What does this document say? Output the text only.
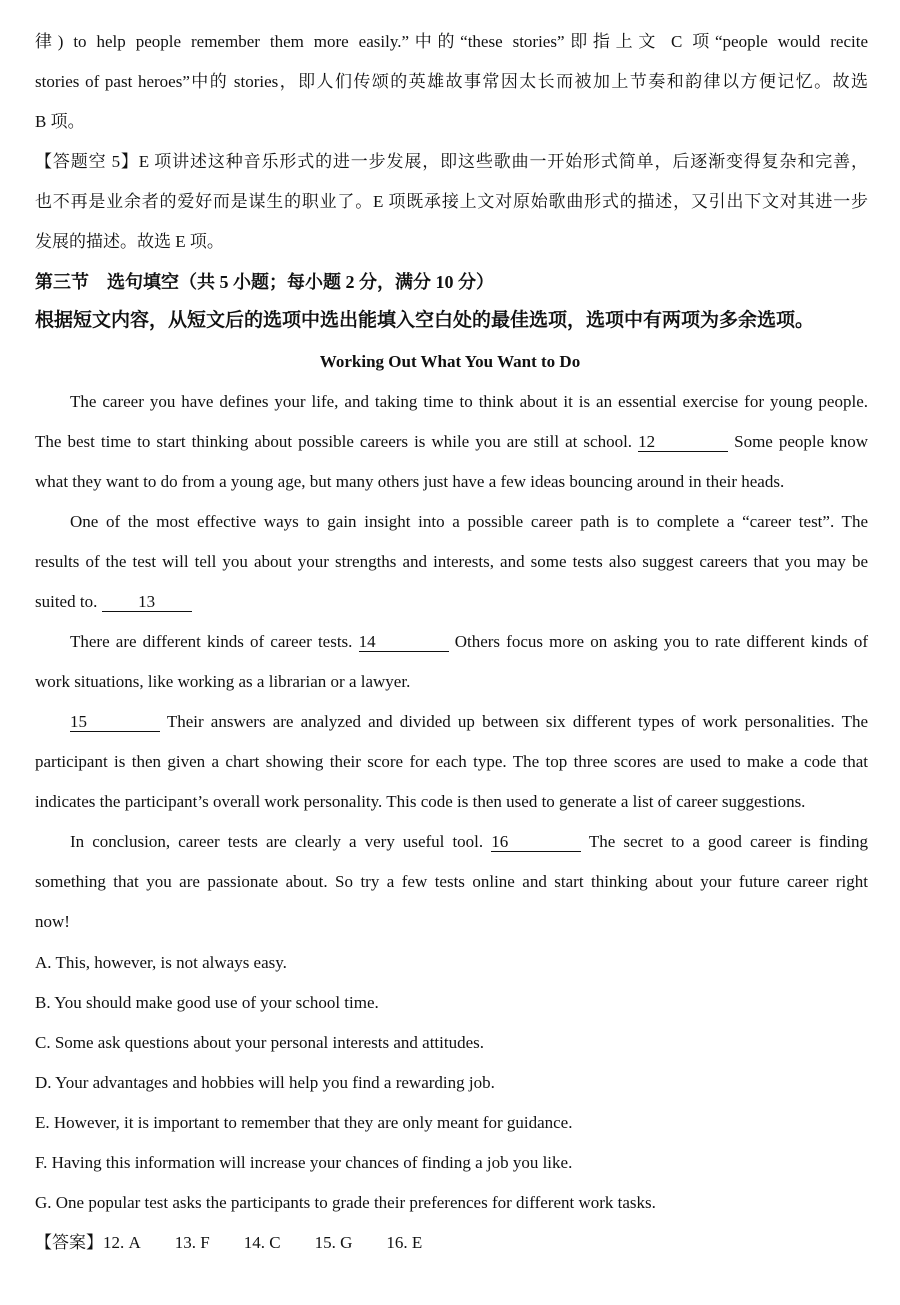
律) to help people remember them more easily.”中的“these stories”即指上文 C 项“people would recite
stories of past heroes”中的 stories，即人们传颂的英雄故事常因太长而被加上节奏和韵律以方便记忆。故选
B 项。
【答题空 5】E 项讲述这种音乐形式的进一步发展，即这些歌曲一开始形式简单，后逐渐变得复杂和完善，
也不再是业余者的爱好而是谋生的职业了。E 项既承接上文对原始歌曲形式的描述，又引出下文对其进一步
发展的描述。故选 E 项。
第三节    选句填空（共 5 小题；每小题 2 分，满分 10 分）
根据短文内容，从短文后的选项中选出能填入空白处的最佳选项，选项中有两项为多余选项。
Working Out What You Want to Do
The career you have defines your life, and taking time to think about it is an essential exercise for young people.
The best time to start thinking about possible careers is while you are still at school. 12	Some people know
what they want to do from a young age, but many others just have a few ideas bouncing around in their heads.
One of the most effective ways to gain insight into a possible career path is to complete a “career test”. The
results of the test will tell you about your strengths and interests, and some tests also suggest careers that you may be
suited to. 13
There are different kinds of career tests. 14	Others focus more on asking you to rate different kinds of
work situations, like working as a librarian or a lawyer.
15	Their answers are analyzed and divided up between six different types of work personalities. The
participant is then given a chart showing their score for each type. The top three scores are used to make a code that
indicates the participant’s overall work personality. This code is then used to generate a list of career suggestions.
In conclusion, career tests are clearly a very useful tool. 16	The secret to a good career is finding
something that you are passionate about. So try a few tests online and start thinking about your future career right
now!
A. This, however, is not always easy.
B. You should make good use of your school time.
C. Some ask questions about your personal interests and attitudes.
D. Your advantages and hobbies will help you find a rewarding job.
E. However, it is important to remember that they are only meant for guidance.
F. Having this information will increase your chances of finding a job you like.
G. One popular test asks the participants to grade their preferences for different work tasks.
【答案】12. A 13. F 14. C 15. G 16. E
